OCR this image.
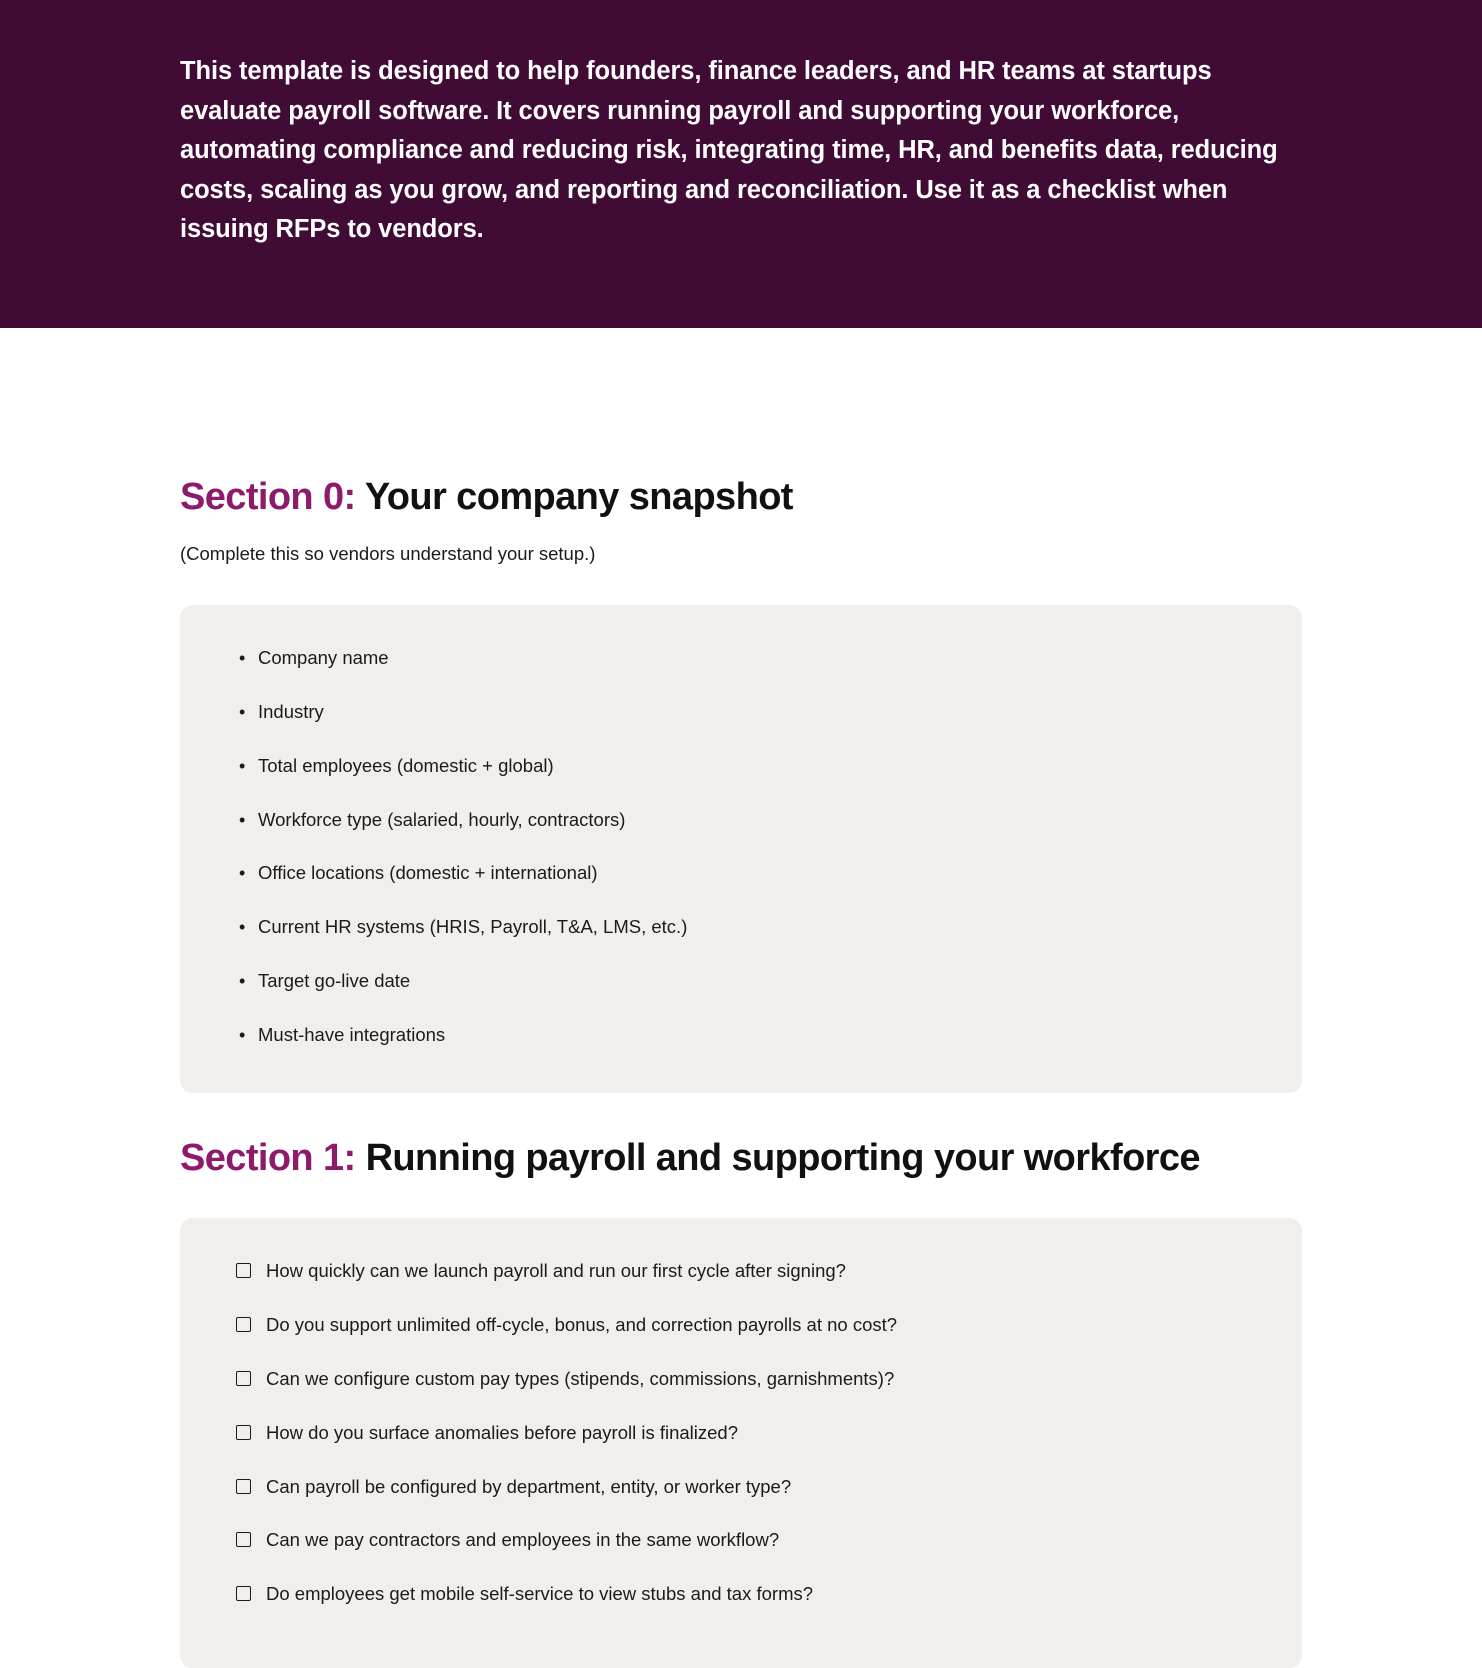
This template is designed to help founders, finance leaders, and HR teams at startups evaluate payroll software. It covers running payroll and supporting your workforce, automating compliance and reducing risk, integrating time, HR, and benefits data, reducing costs, scaling as you grow, and reporting and reconciliation. Use it as a checklist when issuing RFPs to vendors.

Section 0: Your company snapshot

(Complete this so vendors understand your setup.)

• Company name
• Industry
• Total employees (domestic + global)
• Workforce type (salaried, hourly, contractors)
• Office locations (domestic + international)
• Current HR systems (HRIS, Payroll, T&A, LMS, etc.)
• Target go-live date
• Must-have integrations
Section 1: Running payroll and supporting your workforce
How quickly can we launch payroll and run our first cycle after signing?
Do you support unlimited off-cycle, bonus, and correction payrolls at no cost?
Can we configure custom pay types (stipends, commissions, garnishments)?
How do you surface anomalies before payroll is finalized?
Can payroll be configured by department, entity, or worker type?
Can we pay contractors and employees in the same workflow?
Do employees get mobile self-service to view stubs and tax forms?
